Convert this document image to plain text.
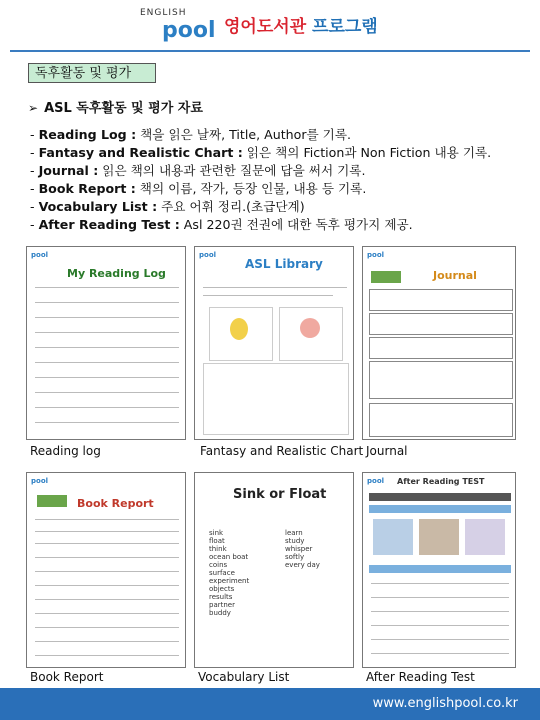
ENGLISH
pool 영어도서관 프로그램
독후활동 및 평가
➢ ASL 독후활동 및 평가 자료
- Reading Log : 책을 읽은 날짜, Title, Author를 기록.
- Fantasy and Realistic Chart : 읽은 책의 Fiction과 Non Fiction 내용 기록.
- Journal : 읽은 책의 내용과 관련한 질문에 답을 써서 기록.
- Book Report : 책의 이름, 작가, 등장 인물, 내용 등 기록.
- Vocabulary List : 주요 어휘 정리.(초급단계)
- After Reading Test : Asl 220권 전권에 대한 독후 평가지 제공.
pool
My Reading Log
Reading log
pool
ASL Library
Fantasy and Realistic Chart
pool
Journal
Journal
pool
Book Report
Book Report
Sink or Float
sink
float
think
ocean boat
coins
surface
experiment
objects
results
partner
buddy
learn
study
whisper
softly
every day
Vocabulary List
pool After Reading TEST
After Reading Test
www.englishpool.co.kr
